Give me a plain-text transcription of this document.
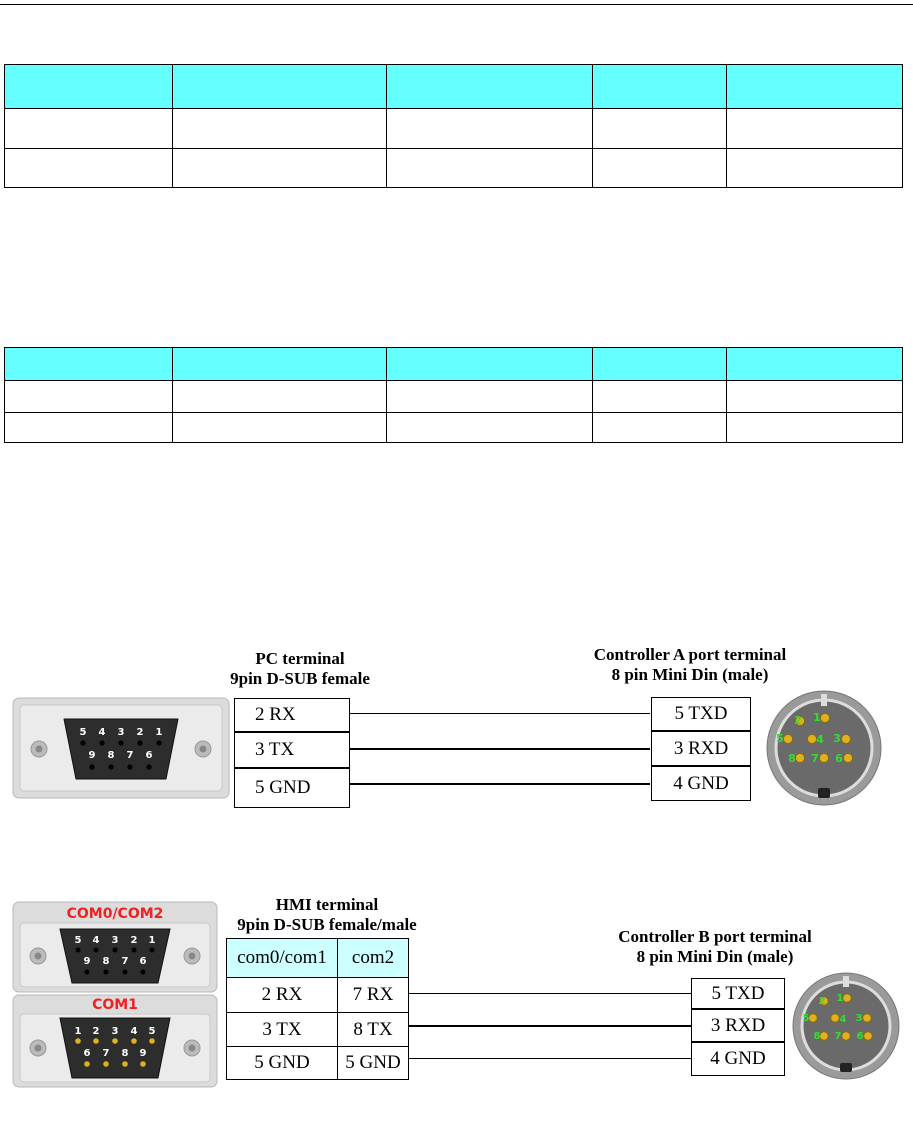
PC terminal
9pin D-SUB female
Controller A port terminal
8 pin Mini Din (male)
5 4 3 2 1
9 8 7 6
2 RX
3 TX
5 GND
5 TXD
3 RXD
4 GND
2 1
5	4 3
8 7 6
HMI terminal
9pin D-SUB female/male
Controller B port terminal
8 pin Mini Din (male)
COM0/COM2
5 4 3 2 1
9 8 7 6
COM1
1 2 3 4 5
6 7 8 9
com0/com1	com2
2 RX	7 RX
3 TX	8 TX
5 GND	5 GND
5 TXD
3 RXD
4 GND
2 1
5	4 3
8 7 6
